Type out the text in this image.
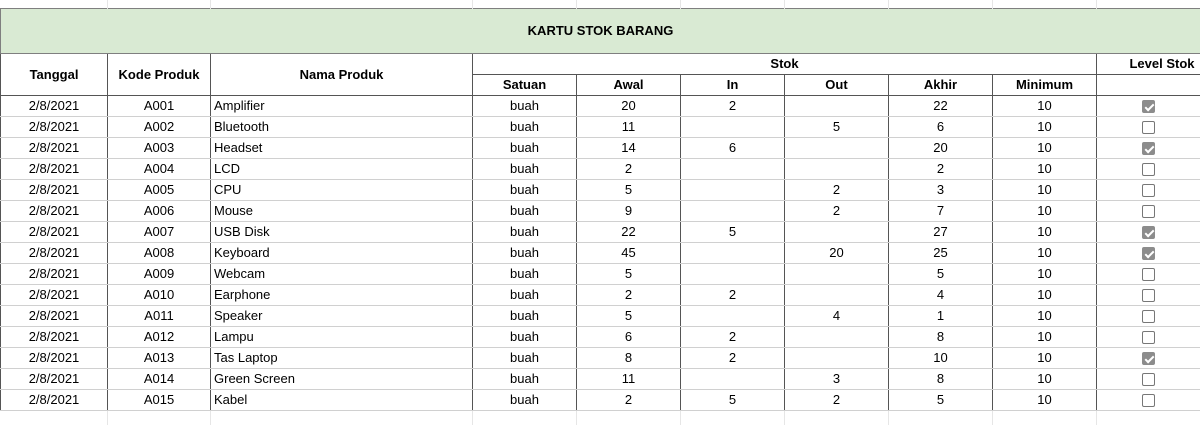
KARTU STOK BARANG									
Tanggal	Kode Produk	Nama Produk	Stok						Level Stok
			Satuan	Awal	In	Out	Akhir	Minimum	
2/8/2021	A001	Amplifier	buah	20	2		22	10	
2/8/2021	A002	Bluetooth	buah	11		5	6	10	
2/8/2021	A003	Headset	buah	14	6		20	10	
2/8/2021	A004	LCD	buah	2			2	10	
2/8/2021	A005	CPU	buah	5		2	3	10	
2/8/2021	A006	Mouse	buah	9		2	7	10	
2/8/2021	A007	USB Disk	buah	22	5		27	10	
2/8/2021	A008	Keyboard	buah	45		20	25	10	
2/8/2021	A009	Webcam	buah	5			5	10	
2/8/2021	A010	Earphone	buah	2	2		4	10	
2/8/2021	A011	Speaker	buah	5		4	1	10	
2/8/2021	A012	Lampu	buah	6	2		8	10	
2/8/2021	A013	Tas Laptop	buah	8	2		10	10	
2/8/2021	A014	Green Screen	buah	11		3	8	10	
2/8/2021	A015	Kabel	buah	2	5	2	5	10	
